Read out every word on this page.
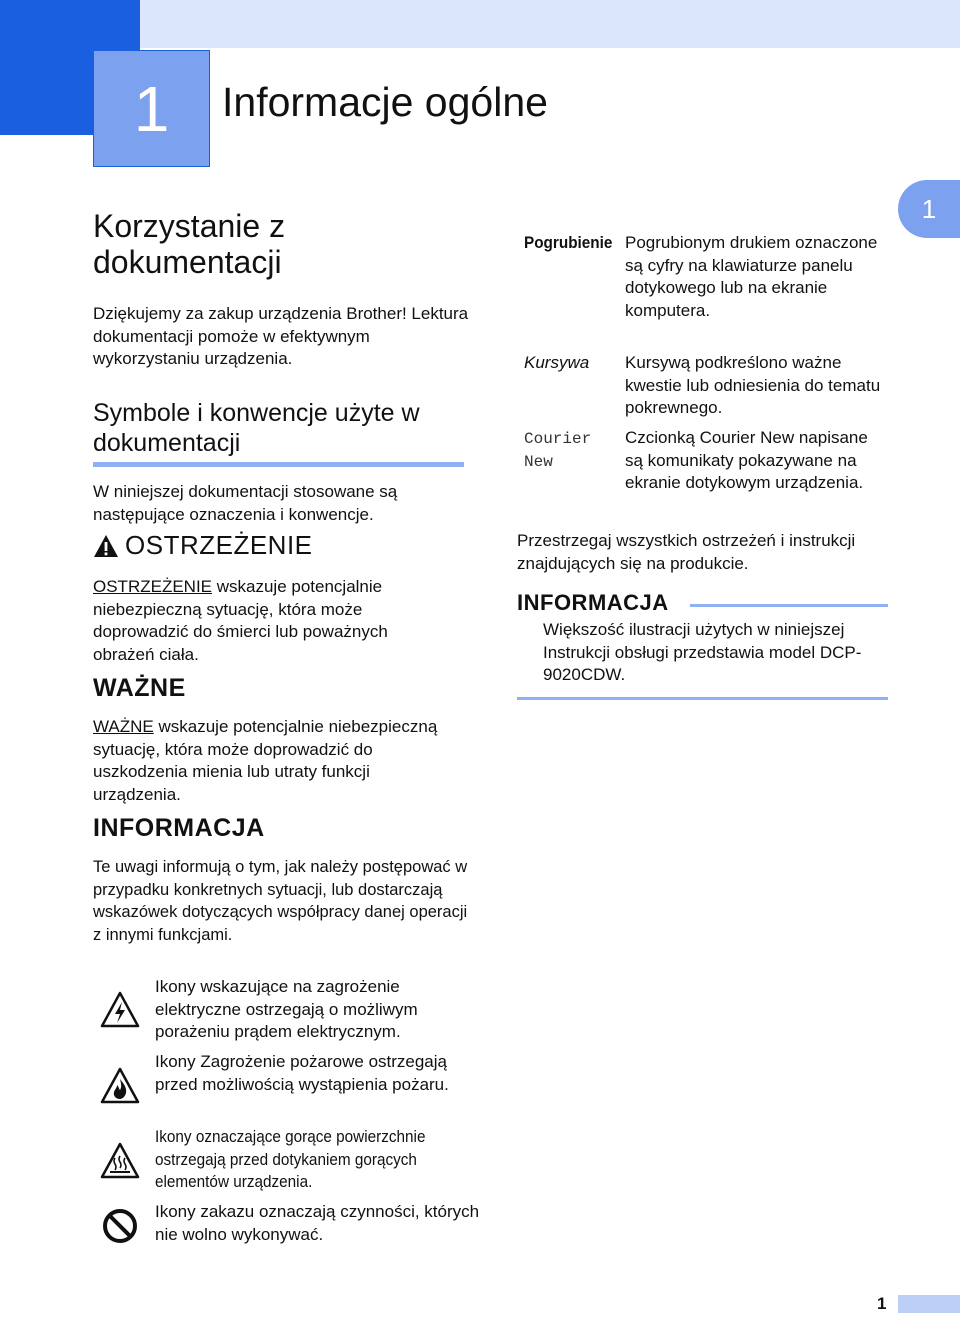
1	Informacje ogólne
1
Korzystanie z dokumentacji

Dziękujemy za zakup urządzenia Brother! Lektura dokumentacji pomoże w efektywnym wykorzystaniu urządzenia.

Symbole i konwencje użyte w dokumentacji

W niniejszej dokumentacji stosowane są następujące oznaczenia i konwencje.

OSTRZEŻENIE

OSTRZEŻENIE wskazuje potencjalnie niebezpieczną sytuację, która może doprowadzić do śmierci lub poważnych obrażeń ciała.

WAŻNE

WAŻNE wskazuje potencjalnie niebezpieczną sytuację, która może doprowadzić do uszkodzenia mienia lub utraty funkcji urządzenia.

INFORMACJA

Te uwagi informują o tym, jak należy postępować w przypadku konkretnych sytuacji, lub dostarczają wskazówek dotyczących współpracy danej operacji z innymi funkcjami.

Ikony wskazujące na zagrożenie elektryczne ostrzegają o możliwym porażeniu prądem elektrycznym.

Ikony Zagrożenie pożarowe ostrzegają przed możliwością wystąpienia pożaru.

Ikony oznaczające gorące powierzchnie ostrzegają przed dotykaniem gorących elementów urządzenia.

Ikony zakazu oznaczają czynności, których nie wolno wykonywać.

Pogrubienie Pogrubionym drukiem oznaczone są cyfry na klawiaturze panelu dotykowego lub na ekranie komputera.

Kursywa Kursywą podkreślono ważne kwestie lub odniesienia do tematu pokrewnego.

Courier New

Czcionką Courier New napisane są komunikaty pokazywane na ekranie dotykowym urządzenia.

Przestrzegaj wszystkich ostrzeżeń i instrukcji znajdujących się na produkcie.

INFORMACJA

Większość ilustracji użytych w niniejszej Instrukcji obsługi przedstawia model DCP-9020CDW.

1
